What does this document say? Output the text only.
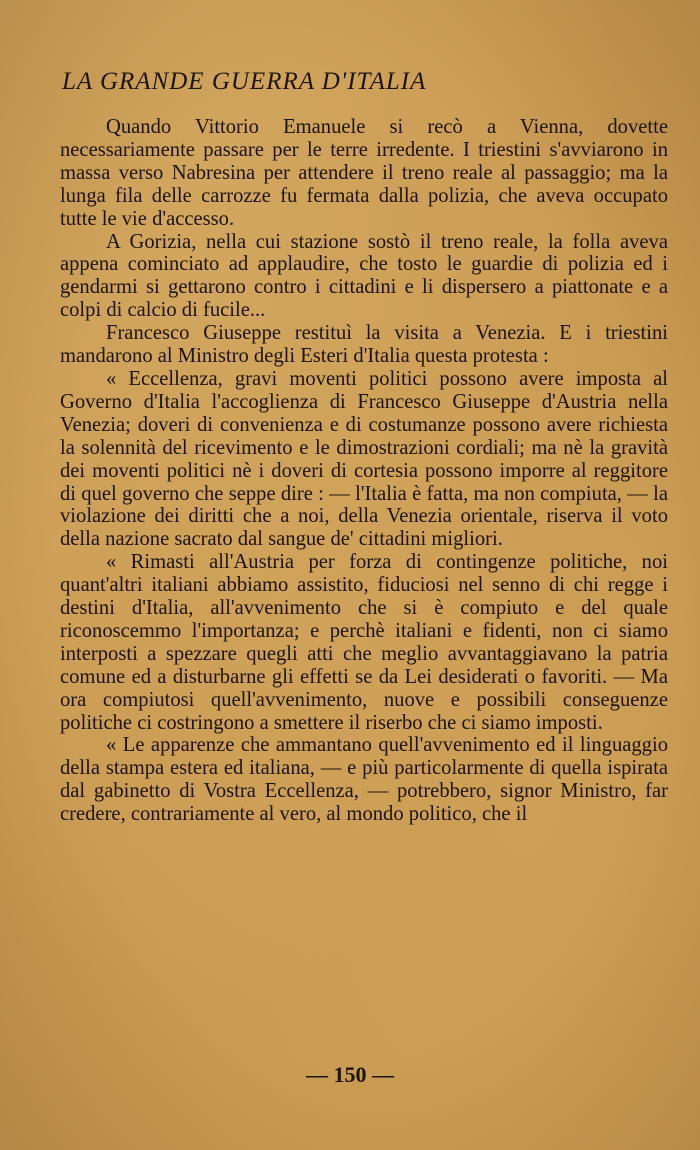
LA GRANDE GUERRA D'ITALIA

Quando Vittorio Emanuele si recò a Vienna, dovette necessariamente passare per le terre irredente. I triestini s'avviarono in massa verso Nabresina per attendere il treno reale al passaggio; ma la lunga fila delle carrozze fu fermata dalla polizia, che aveva occupato tutte le vie d'accesso.

A Gorizia, nella cui stazione sostò il treno reale, la folla aveva appena cominciato ad applaudire, che tosto le guardie di polizia ed i gendarmi si gettarono contro i cittadini e li dispersero a piattonate e a colpi di calcio di fucile...

Francesco Giuseppe restituì la visita a Venezia. E i triestini mandarono al Ministro degli Esteri d'Italia questa protesta :

« Eccellenza, gravi moventi politici possono avere imposta al Governo d'Italia l'accoglienza di Francesco Giuseppe d'Austria nella Venezia; doveri di convenienza e di costumanze possono avere richiesta la solennità del ricevimento e le dimostrazioni cordiali; ma nè la gravità dei moventi politici nè i doveri di cortesia possono imporre al reggitore di quel governo che seppe dire : — l'Italia è fatta, ma non compiuta, — la violazione dei diritti che a noi, della Venezia orientale, riserva il voto della nazione sacrato dal sangue de' cittadini migliori.

« Rimasti all'Austria per forza di contingenze politiche, noi quant'altri italiani abbiamo assistito, fiduciosi nel senno di chi regge i destini d'Italia, all'avvenimento che si è compiuto e del quale riconoscemmo l'importanza; e perchè italiani e fidenti, non ci siamo interposti a spezzare quegli atti che meglio avvantaggiavano la patria comune ed a disturbarne gli effetti se da Lei desiderati o favoriti. — Ma ora compiutosi quell'avvenimento, nuove e possibili conseguenze politiche ci costringono a smettere il riserbo che ci siamo imposti.

« Le apparenze che ammantano quell'avvenimento ed il linguaggio della stampa estera ed italiana, — e più particolarmente di quella ispirata dal gabinetto di Vostra Eccellenza, — potrebbero, signor Ministro, far credere, contrariamente al vero, al mondo politico, che il

— 150 —
